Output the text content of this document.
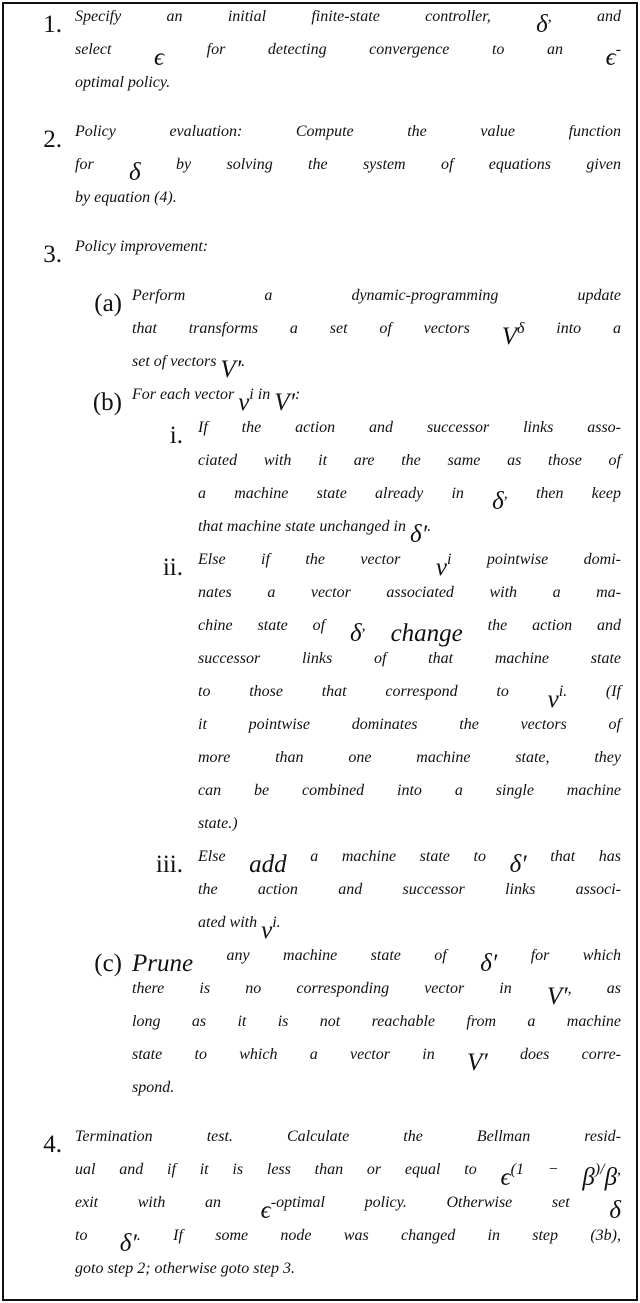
1. $^{Specify an initial finite-state controller,}$ $\delta^{, and}$
$^{select}$ ϵ $^{for detecting convergence to an}$ ϵ-
$^{optimal policy.}$
2. $^{Policy evaluation: Compute the value function}$
$^{for}$ δ $^{by solving the system of equations given}$
$^{by equation (4).}$
3. $^{Policy improvement:}$
(a) $^{Perform a dynamic-programming update}$
$^{that transforms a set of vectors}$ $V^\delta$ $^{into a}$
$^{set of vectors}$ V′.
(b) $^{For each vector}$ $v^i$ $^{in}$ V′:
i. $^{If the action and successor links asso-}$
$^{ciated with it are the same as those of}$
$^{a machine state already in}$ $\delta^{, then keep}$
$^{that machine state unchanged in}$ δ′.
ii. $^{Else if the vector}$ $v^i$ $^{pointwise domi-}$
$^{nates a vector associated with a ma-}$
$^{chine state of}$ δ, change $^{the action and}$
$^{successor links of that machine state}$
$^{to those that correspond to}$ $v^{i. (If}$
$^{it pointwise dominates the vectors of}$
$^{more than one machine state, they}$
$^{can be combined into a single machine}$
$^{state.)}$
iii. $^{Else}$ add $^{a machine state to}$ δ′ $^{that has}$
$^{the action and successor links associ-}$
$^{ated with}$ $v^{i.}$
(c) Prune $^{any machine state of}$ δ′ $^{for which}$
$^{there is no corresponding vector in}$ $V'^{, as}$
$^{long as it is not reachable from a machine}$
$^{state to which a vector in}$ V′ $^{does corre-}$
$^{spond.}$
4. $^{Termination test. Calculate the Bellman resid-}$
$^{ual and if it is less than or equal to}$ $\epsilon^{(1 -}$ β)/β,
$^{exit with an}$ $\epsilon^{-optimal policy. Otherwise set}$ δ
$^{to}$ $\delta'^{. If some node was changed in step (3b),}$
$^{goto step 2; otherwise goto step 3.}$
